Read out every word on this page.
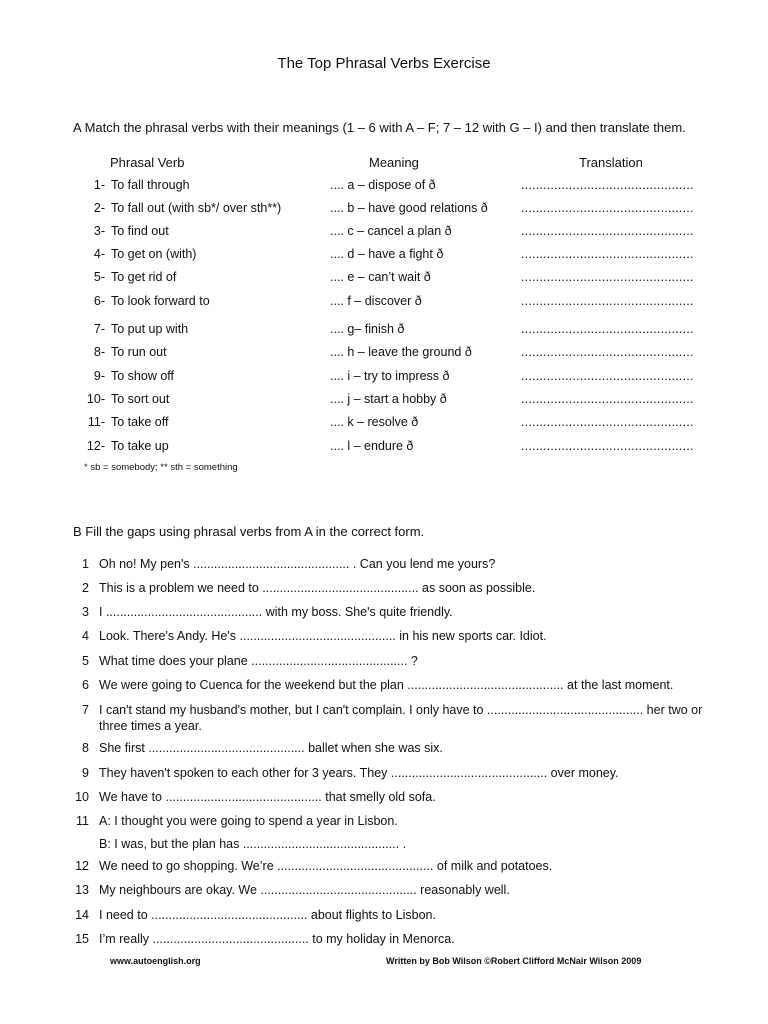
The Top Phrasal Verbs Exercise
A Match the phrasal verbs with their meanings (1 – 6 with A – F; 7 – 12 with G – I) and then translate them.
Phrasal Verb	Meaning	Translation
1- To fall through	.... a – dispose of ð	...............................................
2- To fall out (with sb*/ over sth**)	.... b – have good relations ð	...............................................
3- To find out	.... c – cancel a plan ð	...............................................
4- To get on (with)	.... d – have a fight ð	...............................................
5- To get rid of	.... e – can’t wait ð	...............................................
6- To look forward to	.... f – discover ð	...............................................
7- To put up with	.... g– finish ð	...............................................
8- To run out	.... h – leave the ground ð	...............................................
9- To show off	.... i – try to impress ð	...............................................
10- To sort out	.... j – start a hobby ð	...............................................
11- To take off	.... k – resolve ð	...............................................
12- To take up	.... l – endure ð	...............................................
* sb = somebody; ** sth = something
B Fill the gaps using phrasal verbs from A in the correct form.
1 Oh no! My pen's ............................................. . Can you lend me yours?
2 This is a problem we need to ............................................. as soon as possible.
3 I ............................................. with my boss. She's quite friendly.
4 Look. There's Andy. He's ............................................. in his new sports car. Idiot.
5 What time does your plane ............................................. ?
6 We were going to Cuenca for the weekend but the plan ............................................. at the last moment.
7 I can't stand my husband's mother, but I can't complain. I only have to ............................................. her two or three times a year.
8 She first ............................................. ballet when she was six.
9 They haven't spoken to each other for 3 years. They ............................................. over money.
10 We have to ............................................. that smelly old sofa.
11 A: I thought you were going to spend a year in Lisbon.
B: I was, but the plan has ............................................. .
12 We need to go shopping. We’re ............................................. of milk and potatoes.
13 My neighbours are okay. We ............................................. reasonably well.
14 I need to ............................................. about flights to Lisbon.
15 I’m really ............................................. to my holiday in Menorca.
www.autoenglish.org	Written by Bob Wilson ©Robert Clifford McNair Wilson 2009
